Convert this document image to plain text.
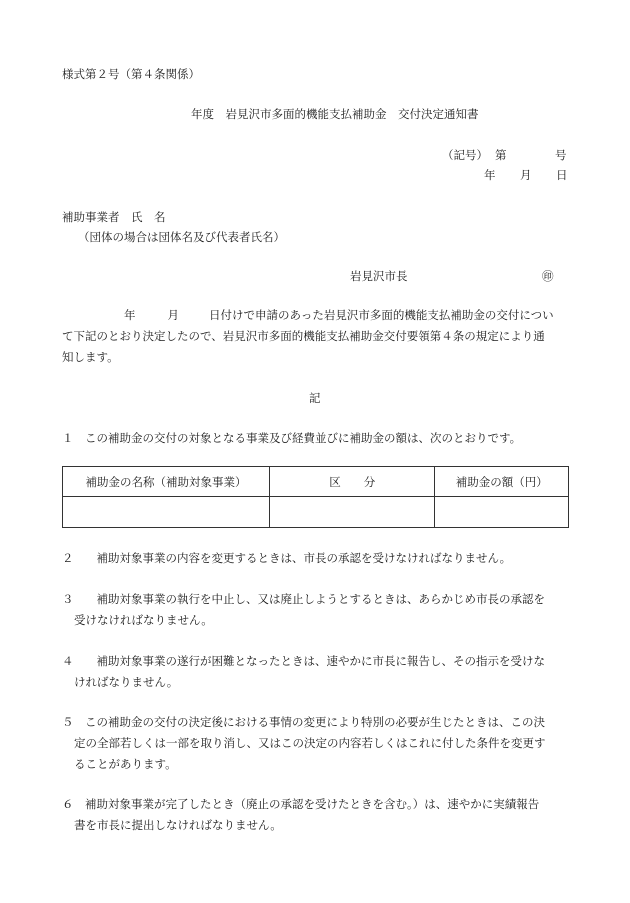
様式第２号（第４条関係）
年度　岩見沢市多面的機能支払補助金　交付決定通知書
（記号） 第	号
年 月 日
補助事業者　氏　名
（団体の場合は団体名及び代表者氏名）
岩見沢市長	㊞
年	月	日付けで申請のあった岩見沢市多面的機能支払補助金の交付につい
て下記のとおり決定したので、岩見沢市多面的機能支払補助金交付要領第４条の規定により通
知します。
記
１　この補助金の交付の対象となる事業及び経費並びに補助金の額は、次のとおりです。
補助金の名称（補助対象事業）	区　　分	補助金の額（円）

２　　補助対象事業の内容を変更するときは、市長の承認を受けなければなりません。
３　　補助対象事業の執行を中止し、又は廃止しようとするときは、あらかじめ市長の承認を
受けなければなりません。
４　　補助対象事業の遂行が困難となったときは、速やかに市長に報告し、その指示を受けな
ければなりません。
５　この補助金の交付の決定後における事情の変更により特別の必要が生じたときは、この決
定の全部若しくは一部を取り消し、又はこの決定の内容若しくはこれに付した条件を変更す
ることがあります。
６　補助対象事業が完了したとき（廃止の承認を受けたときを含む。）は、速やかに実績報告
書を市長に提出しなければなりません。
